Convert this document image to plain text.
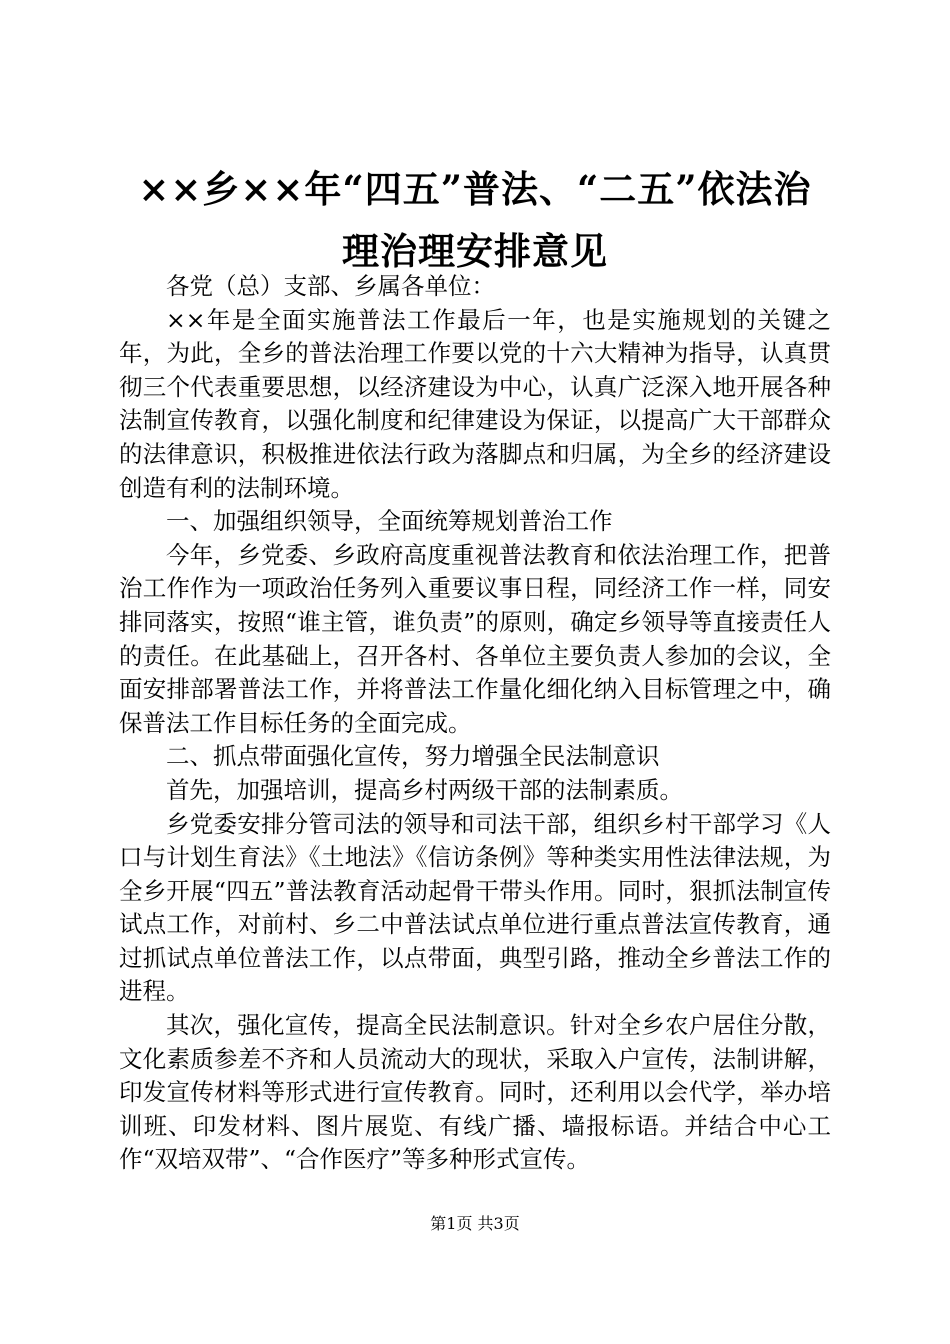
××乡××年“四五”普法、“二五”依法治
理治理安排意见

各党（总）支部、乡属各单位：

××年是全面实施普法工作最后一年，也是实施规划的关键之年，为此，全乡的普法治理工作要以党的十六大精神为指导，认真贯彻三个代表重要思想，以经济建设为中心，认真广泛深入地开展各种法制宣传教育，以强化制度和纪律建设为保证，以提高广大干部群众的法律意识，积极推进依法行政为落脚点和归属，为全乡的经济建设创造有利的法制环境。

一、加强组织领导，全面统筹规划普治工作

今年，乡党委、乡政府高度重视普法教育和依法治理工作，把普治工作作为一项政治任务列入重要议事日程，同经济工作一样，同安排同落实，按照“谁主管，谁负责”的原则，确定乡领导等直接责任人的责任。在此基础上，召开各村、各单位主要负责人参加的会议，全面安排部署普法工作，并将普法工作量化细化纳入目标管理之中，确保普法工作目标任务的全面完成。

二、抓点带面强化宣传，努力增强全民法制意识

首先，加强培训，提高乡村两级干部的法制素质。

乡党委安排分管司法的领导和司法干部，组织乡村干部学习《人口与计划生育法》《土地法》《信访条例》等种类实用性法律法规，为全乡开展“四五”普法教育活动起骨干带头作用。同时，狠抓法制宣传试点工作，对前村、乡二中普法试点单位进行重点普法宣传教育，通过抓试点单位普法工作，以点带面，典型引路，推动全乡普法工作的进程。

其次，强化宣传，提高全民法制意识。针对全乡农户居住分散，文化素质参差不齐和人员流动大的现状，采取入户宣传，法制讲解，印发宣传材料等形式进行宣传教育。同时，还利用以会代学，举办培训班、印发材料、图片展览、有线广播、墙报标语。并结合中心工作“双培双带”、“合作医疗”等多种形式宣传。

第1页 共3页
